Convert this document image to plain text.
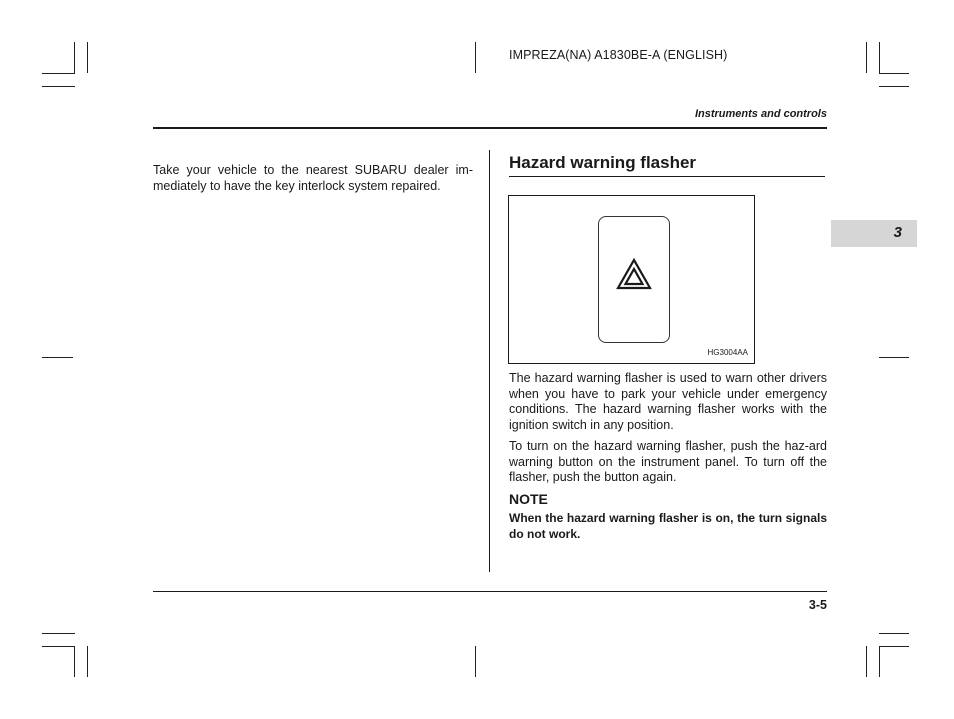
IMPREZA(NA) A1830BE-A (ENGLISH)
Instruments and controls
Take your vehicle to the nearest SUBARU dealer im-mediately to have the key interlock system repaired.
Hazard warning flasher
HG3004AA
The hazard warning flasher is used to warn other drivers when you have to park your vehicle under emergency conditions. The hazard warning flasher works with the ignition switch in any position.
To turn on the hazard warning flasher, push the haz-ard warning button on the instrument panel. To turn off the flasher, push the button again.
NOTE
When the hazard warning flasher is on, the turn signals do not work.
3
3-5
